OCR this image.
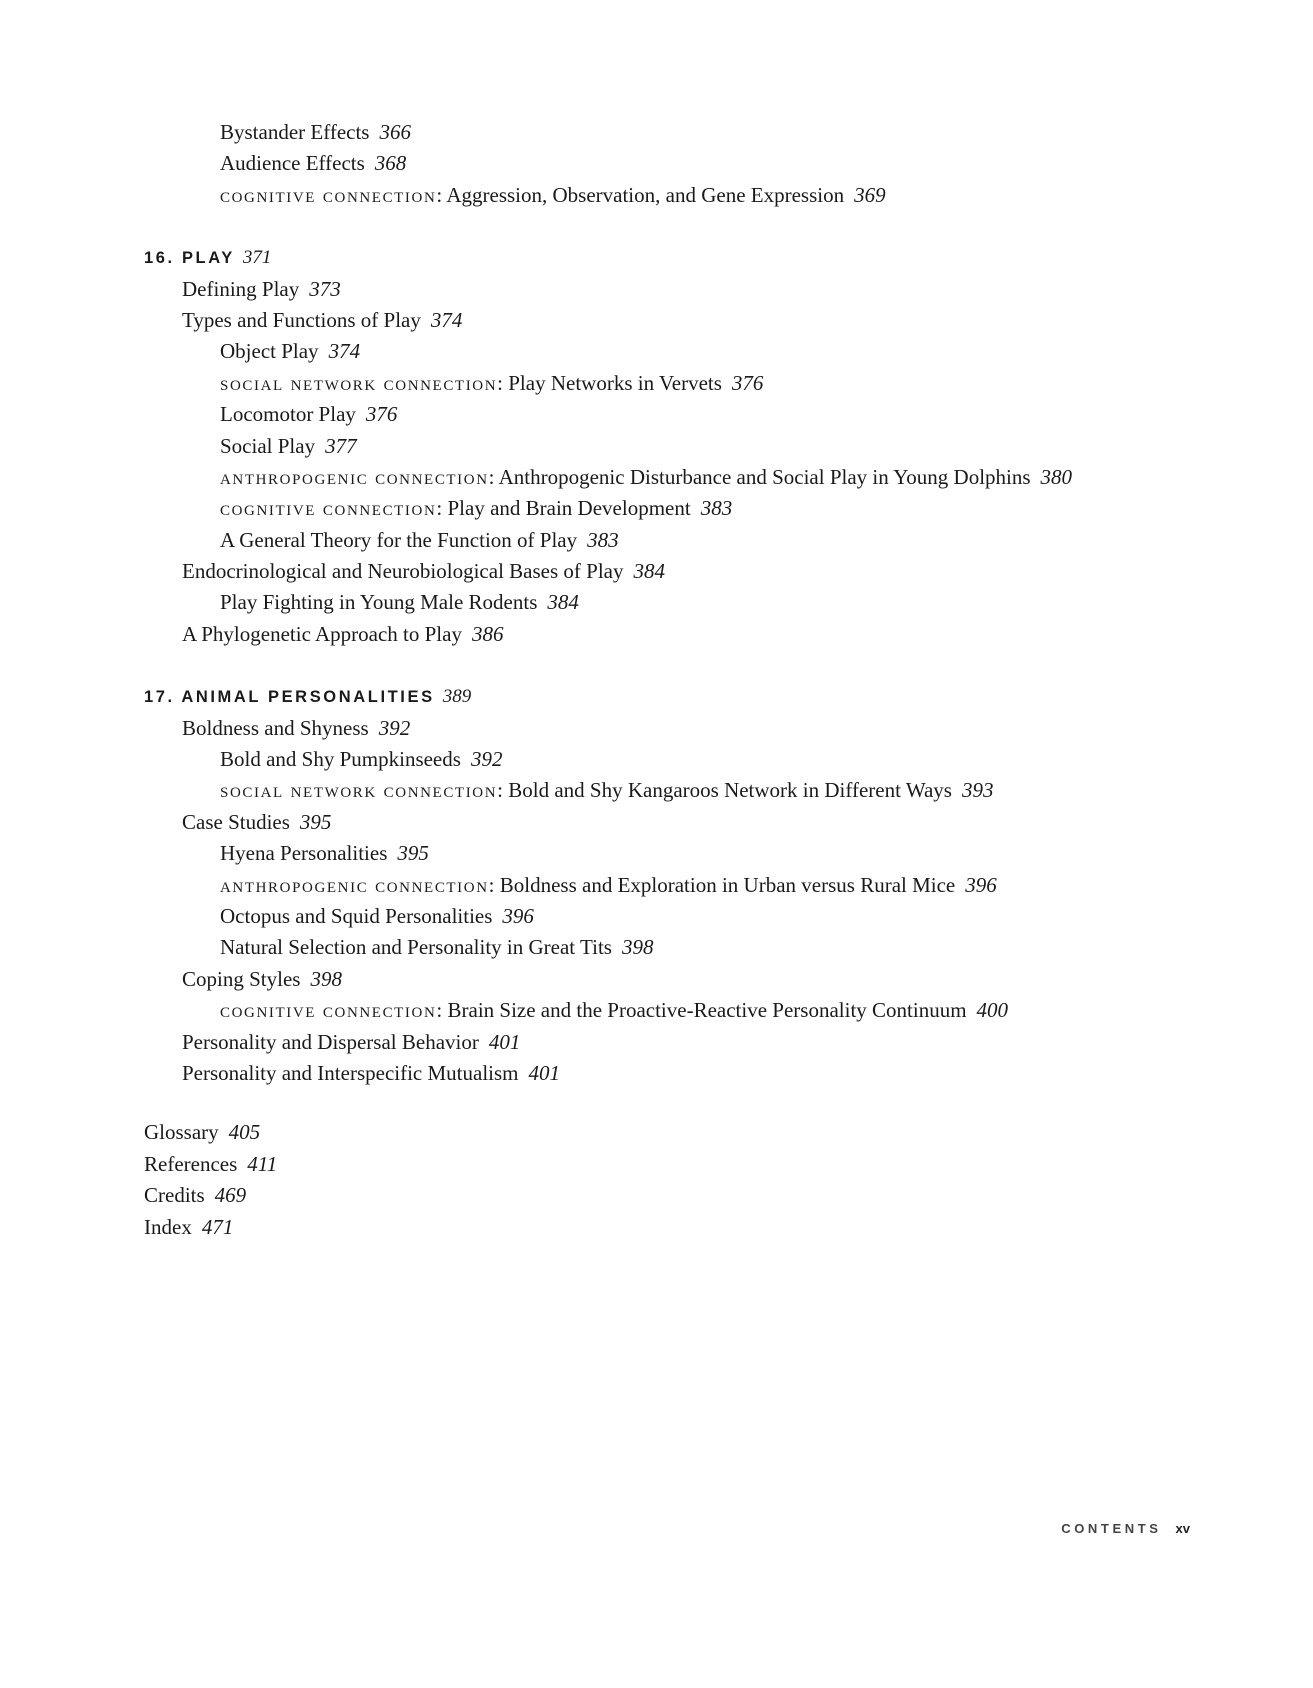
Bystander Effects 366
Audience Effects 368
cognitive connection: Aggression, Observation, and Gene Expression 369
16. PLAY 371
Defining Play 373
Types and Functions of Play 374
Object Play 374
social network connection: Play Networks in Vervets 376
Locomotor Play 376
Social Play 377
anthropogenic connection: Anthropogenic Disturbance and Social Play in Young Dolphins 380
cognitive connection: Play and Brain Development 383
A General Theory for the Function of Play 383
Endocrinological and Neurobiological Bases of Play 384
Play Fighting in Young Male Rodents 384
A Phylogenetic Approach to Play 386
17. ANIMAL PERSONALITIES 389
Boldness and Shyness 392
Bold and Shy Pumpkinseeds 392
social network connection: Bold and Shy Kangaroos Network in Different Ways 393
Case Studies 395
Hyena Personalities 395
anthropogenic connection: Boldness and Exploration in Urban versus Rural Mice 396
Octopus and Squid Personalities 396
Natural Selection and Personality in Great Tits 398
Coping Styles 398
cognitive connection: Brain Size and the Proactive-Reactive Personality Continuum 400
Personality and Dispersal Behavior 401
Personality and Interspecific Mutualism 401
Glossary 405
References 411
Credits 469
Index 471
CONTENTS xv
